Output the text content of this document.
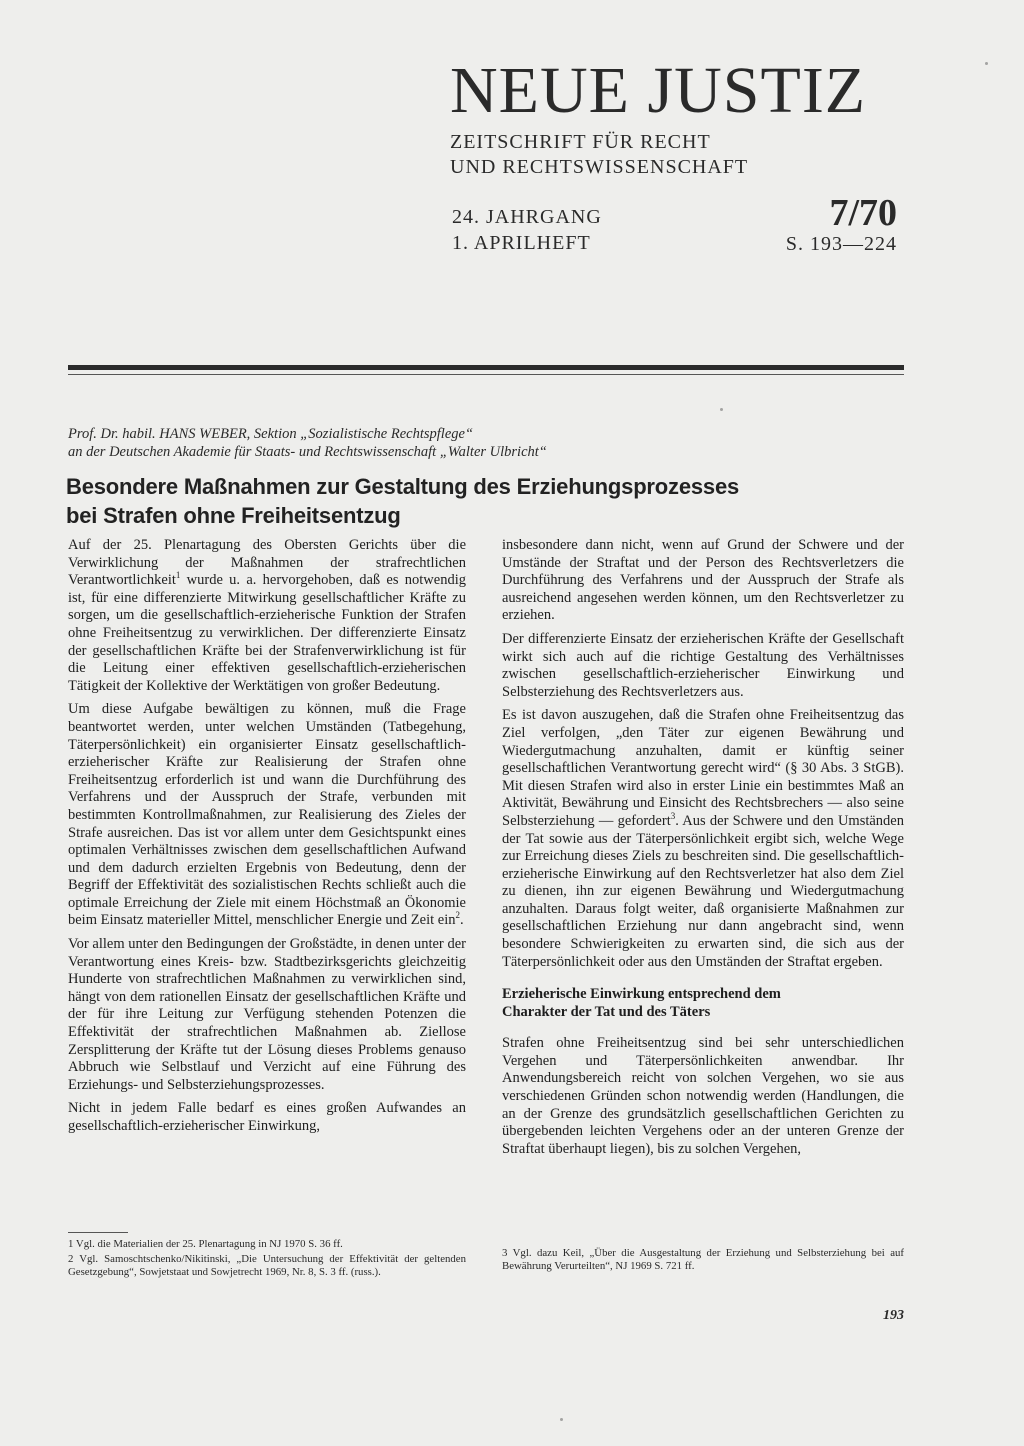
NEUE JUSTIZ
ZEITSCHRIFT FÜR RECHT
UND RECHTSWISSENSCHAFT
24. JAHRGANG
1. APRILHEFT
7/70
S. 193—224
Prof. Dr. habil. HANS WEBER, Sektion „Sozialistische Rechtspflege“
an der Deutschen Akademie für Staats- und Rechtswissenschaft „Walter Ulbricht“
Besondere Maßnahmen zur Gestaltung des Erziehungsprozesses
bei Strafen ohne Freiheitsentzug

Auf der 25. Plenartagung des Obersten Gerichts über die Verwirklichung der Maßnahmen der strafrechtlichen Verantwortlichkeit$^1$ wurde u. a. hervorgehoben, daß es notwendig ist, für eine differenzierte Mitwirkung gesellschaftlicher Kräfte zu sorgen, um die gesellschaftlich-erzieherische Funktion der Strafen ohne Freiheitsentzug zu verwirklichen. Der differenzierte Einsatz der gesellschaftlichen Kräfte bei der Strafenverwirklichung ist für die Leitung einer effektiven gesellschaftlich-erzieherischen Tätigkeit der Kollektive der Werktätigen von großer Bedeutung.

Um diese Aufgabe bewältigen zu können, muß die Frage beantwortet werden, unter welchen Umständen (Tatbegehung, Täterpersönlichkeit) ein organisierter Einsatz gesellschaftlich-erzieherischer Kräfte zur Realisierung der Strafen ohne Freiheitsentzug erforderlich ist und wann die Durchführung des Verfahrens und der Ausspruch der Strafe, verbunden mit bestimmten Kontrollmaßnahmen, zur Realisierung des Zieles der Strafe ausreichen. Das ist vor allem unter dem Gesichtspunkt eines optimalen Verhältnisses zwischen dem gesellschaftlichen Aufwand und dem dadurch erzielten Ergebnis von Bedeutung, denn der Begriff der Effektivität des sozialistischen Rechts schließt auch die optimale Erreichung der Ziele mit einem Höchstmaß an Ökonomie beim Einsatz materieller Mittel, menschlicher Energie und Zeit ein$^2$.

Vor allem unter den Bedingungen der Großstädte, in denen unter der Verantwortung eines Kreis- bzw. Stadtbezirksgerichts gleichzeitig Hunderte von strafrechtlichen Maßnahmen zu verwirklichen sind, hängt von dem rationellen Einsatz der gesellschaftlichen Kräfte und der für ihre Leitung zur Verfügung stehenden Potenzen die Effektivität der strafrechtlichen Maßnahmen ab. Ziellose Zersplitterung der Kräfte tut der Lösung dieses Problems genauso Abbruch wie Selbstlauf und Verzicht auf eine Führung des Erziehungs- und Selbsterziehungsprozesses.

Nicht in jedem Falle bedarf es eines großen Aufwandes an gesellschaftlich-erzieherischer Einwirkung,

insbesondere dann nicht, wenn auf Grund der Schwere und der Umstände der Straftat und der Person des Rechtsverletzers die Durchführung des Verfahrens und der Ausspruch der Strafe als ausreichend angesehen werden können, um den Rechtsverletzer zu erziehen.

Der differenzierte Einsatz der erzieherischen Kräfte der Gesellschaft wirkt sich auch auf die richtige Gestaltung des Verhältnisses zwischen gesellschaftlich-erzieherischer Einwirkung und Selbsterziehung des Rechtsverletzers aus.

Es ist davon auszugehen, daß die Strafen ohne Freiheitsentzug das Ziel verfolgen, „den Täter zur eigenen Bewährung und Wiedergutmachung anzuhalten, damit er künftig seiner gesellschaftlichen Verantwortung gerecht wird“ (§ 30 Abs. 3 StGB). Mit diesen Strafen wird also in erster Linie ein bestimmtes Maß an Aktivität, Bewährung und Einsicht des Rechtsbrechers — also seine Selbsterziehung — gefordert$^3$. Aus der Schwere und den Umständen der Tat sowie aus der Täterpersönlichkeit ergibt sich, welche Wege zur Erreichung dieses Ziels zu beschreiten sind. Die gesellschaftlich-erzieherische Einwirkung auf den Rechtsverletzer hat also dem Ziel zu dienen, ihn zur eigenen Bewährung und Wiedergutmachung anzuhalten. Daraus folgt weiter, daß organisierte Maßnahmen zur gesellschaftlichen Erziehung nur dann angebracht sind, wenn besondere Schwierigkeiten zu erwarten sind, die sich aus der Täterpersönlichkeit oder aus den Umständen der Straftat ergeben.

Erzieherische Einwirkung entsprechend dem
Charakter der Tat und des Täters

Strafen ohne Freiheitsentzug sind bei sehr unterschiedlichen Vergehen und Täterpersönlichkeiten anwendbar. Ihr Anwendungsbereich reicht von solchen Vergehen, wo sie aus verschiedenen Gründen schon notwendig werden (Handlungen, die an der Grenze des grundsätzlich gesellschaftlichen Gerichten zu übergebenden leichten Vergehens oder an der unteren Grenze der Straftat überhaupt liegen), bis zu solchen Vergehen,

1 Vgl. die Materialien der 25. Plenartagung in NJ 1970 S. 36 ff.

2 Vgl. Samoschtschenko/Nikitinski, „Die Untersuchung der Effektivität der geltenden Gesetzgebung“, Sowjetstaat und Sowjetrecht 1969, Nr. 8, S. 3 ff. (russ.).

3 Vgl. dazu Keil, „Über die Ausgestaltung der Erziehung und Selbsterziehung bei auf Bewährung Verurteilten“, NJ 1969 S. 721 ff.

193
